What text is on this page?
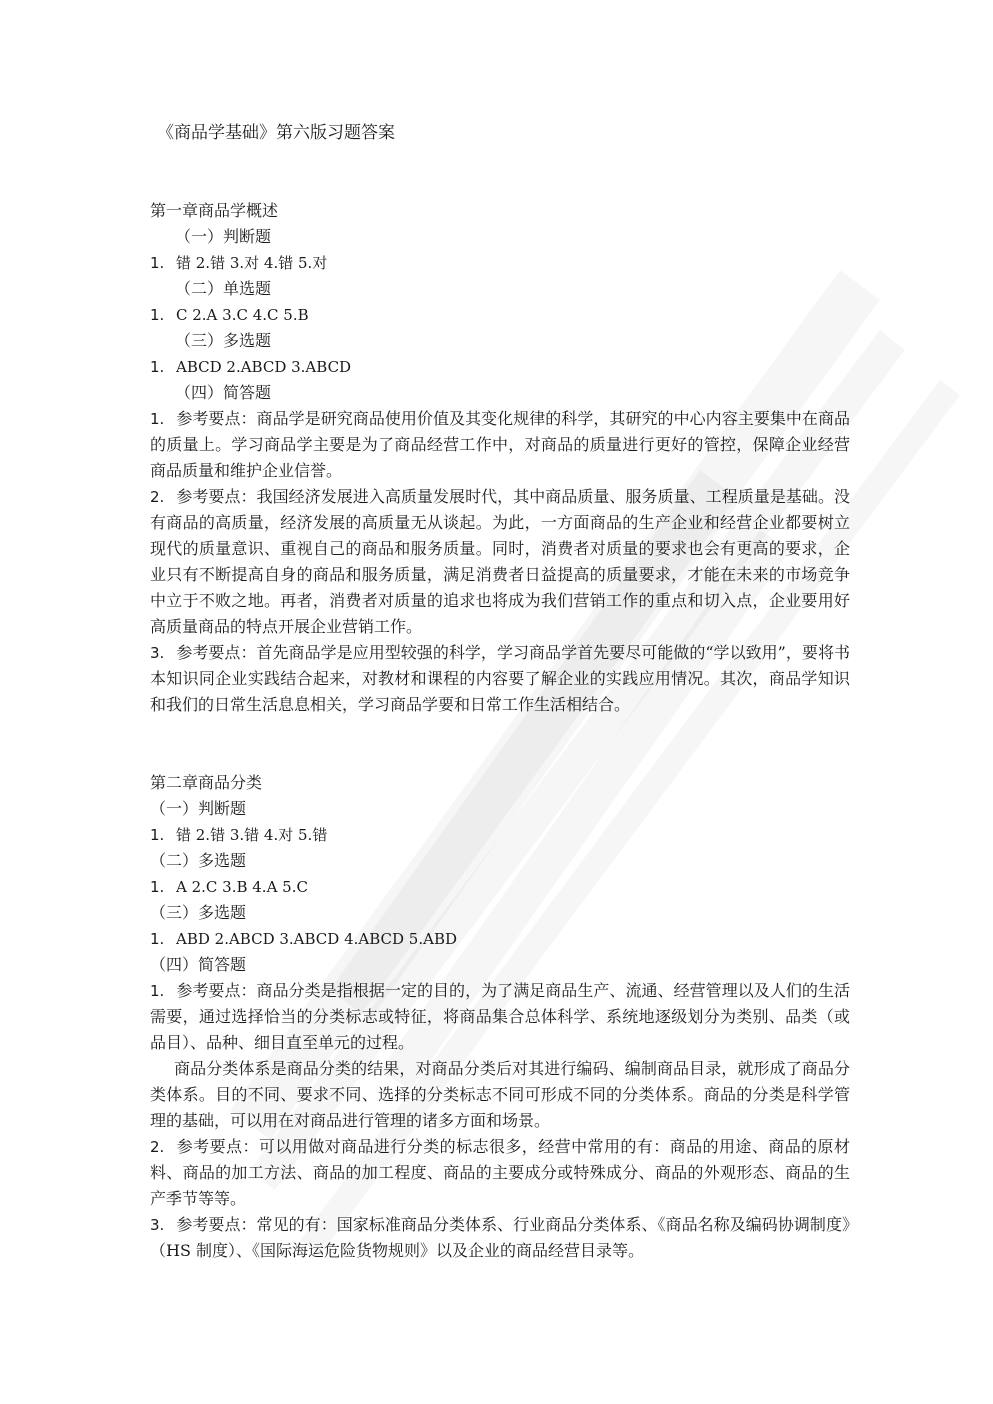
《商品学基础》第六版习题答案
第一章商品学概述
（一）判断题
1. 错 2.错 3.对 4.错 5.对
（二）单选题
1. C 2.A 3.C 4.C 5.B
（三）多选题
1. ABCD 2.ABCD 3.ABCD
（四）简答题

1. 参考要点：商品学是研究商品使用价值及其变化规律的科学，其研究的中心内容主要集中在商品的质量上。学习商品学主要是为了商品经营工作中，对商品的质量进行更好的管控，保障企业经营商品质量和维护企业信誉。

2. 参考要点：我国经济发展进入高质量发展时代，其中商品质量、服务质量、工程质量是基础。没有商品的高质量，经济发展的高质量无从谈起。为此，一方面商品的生产企业和经营企业都要树立现代的质量意识、重视自己的商品和服务质量。同时，消费者对质量的要求也会有更高的要求，企业只有不断提高自身的商品和服务质量，满足消费者日益提高的质量要求，才能在未来的市场竞争中立于不败之地。再者，消费者对质量的追求也将成为我们营销工作的重点和切入点，企业要用好高质量商品的特点开展企业营销工作。

3. 参考要点：首先商品学是应用型较强的科学，学习商品学首先要尽可能做的“学以致用”，要将书本知识同企业实践结合起来，对教材和课程的内容要了解企业的实践应用情况。其次，商品学知识和我们的日常生活息息相关，学习商品学要和日常工作生活相结合。

第二章商品分类
（一）判断题
1. 错 2.错 3.错 4.对 5.错
（二）多选题
1. A 2.C 3.B 4.A 5.C
（三）多选题
1. ABD 2.ABCD 3.ABCD 4.ABCD 5.ABD
（四）简答题

1. 参考要点：商品分类是指根据一定的目的，为了满足商品生产、流通、经营管理以及人们的生活需要，通过选择恰当的分类标志或特征，将商品集合总体科学、系统地逐级划分为类别、品类（或品目）、品种、细目直至单元的过程。

商品分类体系是商品分类的结果，对商品分类后对其进行编码、编制商品目录，就形成了商品分类体系。目的不同、要求不同、选择的分类标志不同可形成不同的分类体系。商品的分类是科学管理的基础，可以用在对商品进行管理的诸多方面和场景。

2. 参考要点：可以用做对商品进行分类的标志很多，经营中常用的有：商品的用途、商品的原材料、商品的加工方法、商品的加工程度、商品的主要成分或特殊成分、商品的外观形态、商品的生产季节等等。

3. 参考要点：常见的有：国家标准商品分类体系、行业商品分类体系、《商品名称及编码协调制度》（HS 制度）、《国际海运危险货物规则》以及企业的商品经营目录等。
